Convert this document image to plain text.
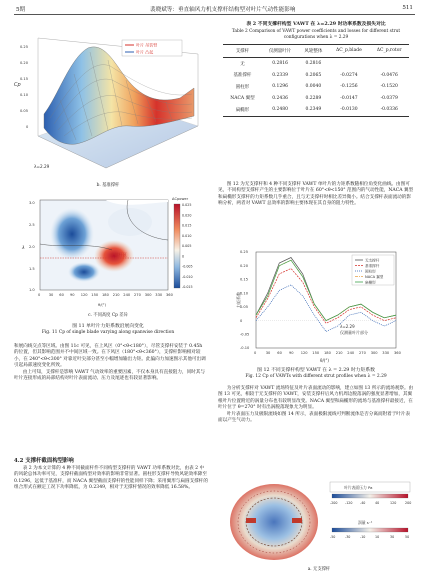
5期	裴晓斌等：垂直轴风力机支撑杆结构型对叶片气动性能影响	511
0.25
0.20
0.15
0.10
0.05
0
Cp
叶片 吊装臂
叶片 凸起
λ=2.29
b. 基准撑杆
支撑杆区
3.0
2.5
2.0
1.5
1.0
λ
0 30 60 90 120 150 180 210 240 270 300 330 360
θ/(°)
ΔCpower
0.025
0.020
0.015
0.010
0.005
0
-0.005
-0.010
-0.015
c. 不同高度 Cp 差异
图 11 单叶片力矩系数沿展向变化
Fig. 11 Cp of single blade varying along spanwise direction

和展向线交点等区域。由图 11c 可见，在上风区（0°<θ<180°），尽管支撑杆安装于 0.45h 的位置，但其影响范围并不中间区域一致。在下风区（180°<θ<360°），支撑杆影响相对较小，在 240°<θ<300° 对靠近叶尖部分甚至小幅增加输出力矩。此偏向力加速图示其他可出调引起局部速度变化所致。

由上可知，支撑杆是影响 VAWT 气动效率的重要因素，不仅本身具有直接阻力，同时其与叶片连接形成的局部结构对叶片表面流动、压力及尾迹也有较显著影响。

4.2 支撑杆截面构型影响

表 2 为本文计算的 4 种不同截面杆件不同构型支撑杆的 VAWT 功率系数对比，由表 2 中的风轮总体功率可见，支撑杆截面构型对效率的影响非常显著。圆柱形支撑杆导致风轮效率降至 0.1296，远低于基准杆，而 NACA 翼型截面支撑杆的性能同样下降；采用翼形与扁圆支撑杆的组合形式在额定工况下功率降低，为 0.2349，相对于无撑杆情况的效率降低 16.58%。

表 2 不同支撑杆构型 VAWT 在 λ=2.29 时功率系数及损失对比
Table 2 Comparison of VAWT power coefficients and losses for different strut configurations when λ = 2.29
支撑杆	仅测量叶片	风轮整体	ΔC_p,blade	ΔC_p,rotor
无	0.2816	0.2816		
基准撑杆	0.2339	0.2065	-0.0274	-0.0476
圆柱形	0.1296	0.0040	-0.1256	-0.1520
NACA 翼型	0.2436	0.2289	-0.0147	-0.0379
扁椭形	0.2480	0.2349	-0.0130	-0.0336

图 12 为无支撑杆和 4 种不同支撑杆 VAWT 单叶片的力矩系数随相位角变化曲线。由图可见，不同构型支撑杆产生的主要影响位于叶片在 60°<θ<150° 范围内的气动性能，NACA 翼型和扁椭形支撑杆的力矩系数几乎重合，且与无支撑杆时相比差异微小。结合支撑杆表面流动的影响分析，两者对 VAWT 总效率的影响主要体现在其自身的阻力特性。

0.25
0.20
0.15
0.10
0.05
0
-0.05
-0.10
0	30 60 90 120 150 180 210 240 270 300 330 360
力矩系数
θ/(°)
λ=2.29
仅测量叶片部分
无支撑杆
基准撑杆
圆柱形
NACA 翼型
扁椭形
图 12 不同支撑杆构型 VAWT 在 λ = 2.29 时力矩系数
Fig. 12 Cp of VAWTs with different strut profiles when λ = 2.29

为分析支撑杆对 VAWT 流场特征及叶片表面流动的影响，建立如图 13 所示的流场观察。由图 13 可见，相较于无支撑杆的 VAWT，安装支撑杆后风力机周边脱落涡的强度显著增加，其翼根叶片位置附近的涡量分布也有较明显改变。NACA 翼型和扁椭形的流场与基准撑杆最接近，在叶片位于 θ=270° 时有出涡脱落现象尤为明显。

叶片表面压力及极限流线如图 14 所示，表面极限流线可判断流体是否分离而附着于叶片表面以产生气动力。

叶片表面压力 Pa
-200 -120 -40	40	120	200
涡量 s⁻¹
-50	-30	-10	10	30	50
a. 无支撑杆
